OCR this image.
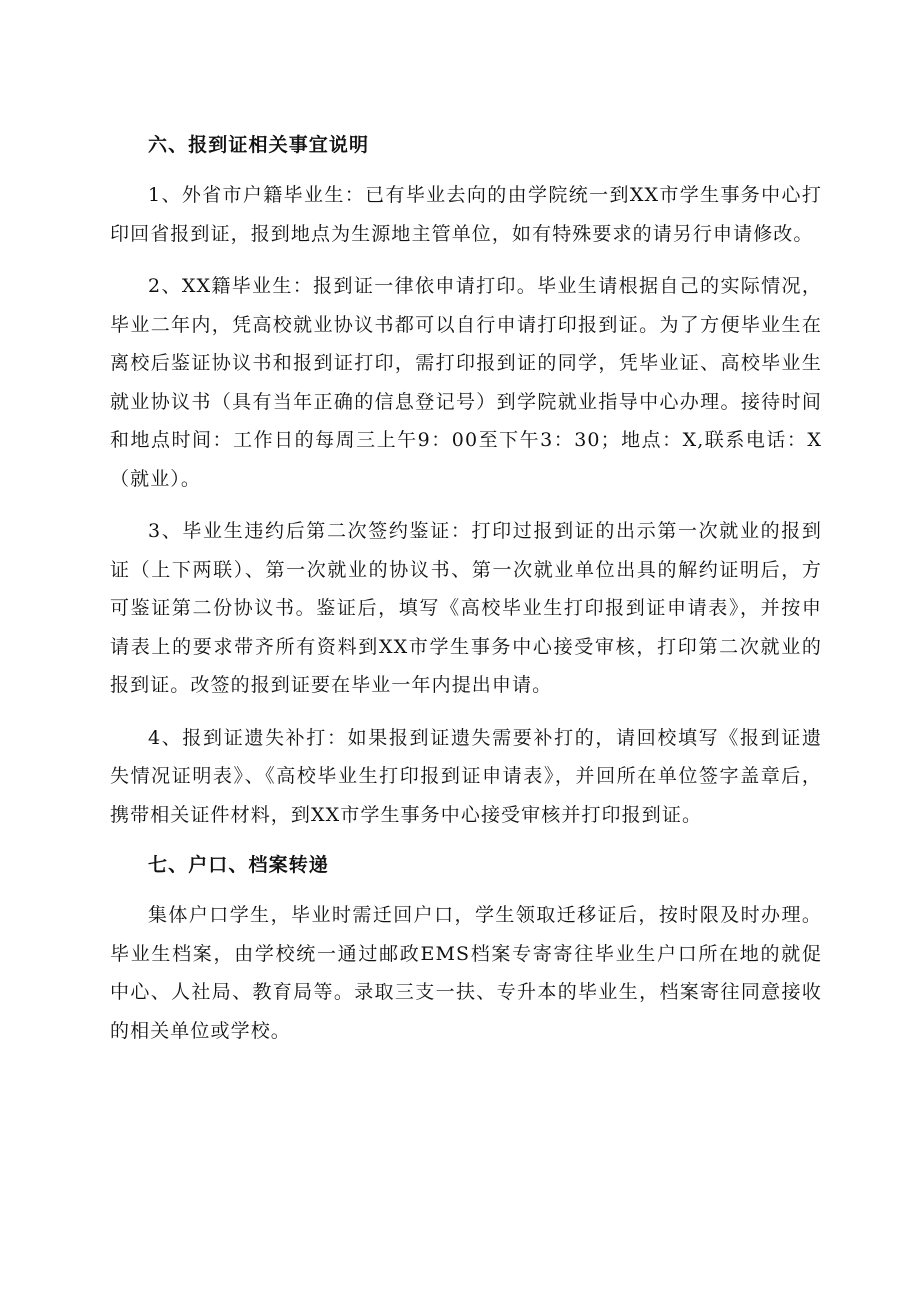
六、报到证相关事宜说明

1、外省市户籍毕业生：已有毕业去向的由学院统一到XX市学生事务中心打印回省报到证，报到地点为生源地主管单位，如有特殊要求的请另行申请修改。

2、XX籍毕业生：报到证一律依申请打印。毕业生请根据自己的实际情况，毕业二年内，凭高校就业协议书都可以自行申请打印报到证。为了方便毕业生在离校后鉴证协议书和报到证打印，需打印报到证的同学，凭毕业证、高校毕业生就业协议书（具有当年正确的信息登记号）到学院就业指导中心办理。接待时间和地点时间：工作日的每周三上午9：00至下午3：30；地点：X,联系电话：X（就业）。

3、毕业生违约后第二次签约鉴证：打印过报到证的出示第一次就业的报到证（上下两联）、第一次就业的协议书、第一次就业单位出具的解约证明后，方可鉴证第二份协议书。鉴证后，填写《高校毕业生打印报到证申请表》，并按申请表上的要求带齐所有资料到XX市学生事务中心接受审核，打印第二次就业的报到证。改签的报到证要在毕业一年内提出申请。

4、报到证遗失补打：如果报到证遗失需要补打的，请回校填写《报到证遗失情况证明表》、《高校毕业生打印报到证申请表》，并回所在单位签字盖章后，携带相关证件材料，到XX市学生事务中心接受审核并打印报到证。

七、户口、档案转递

集体户口学生，毕业时需迁回户口，学生领取迁移证后，按时限及时办理。毕业生档案，由学校统一通过邮政EMS档案专寄寄往毕业生户口所在地的就促中心、人社局、教育局等。录取三支一扶、专升本的毕业生，档案寄往同意接收的相关单位或学校。
